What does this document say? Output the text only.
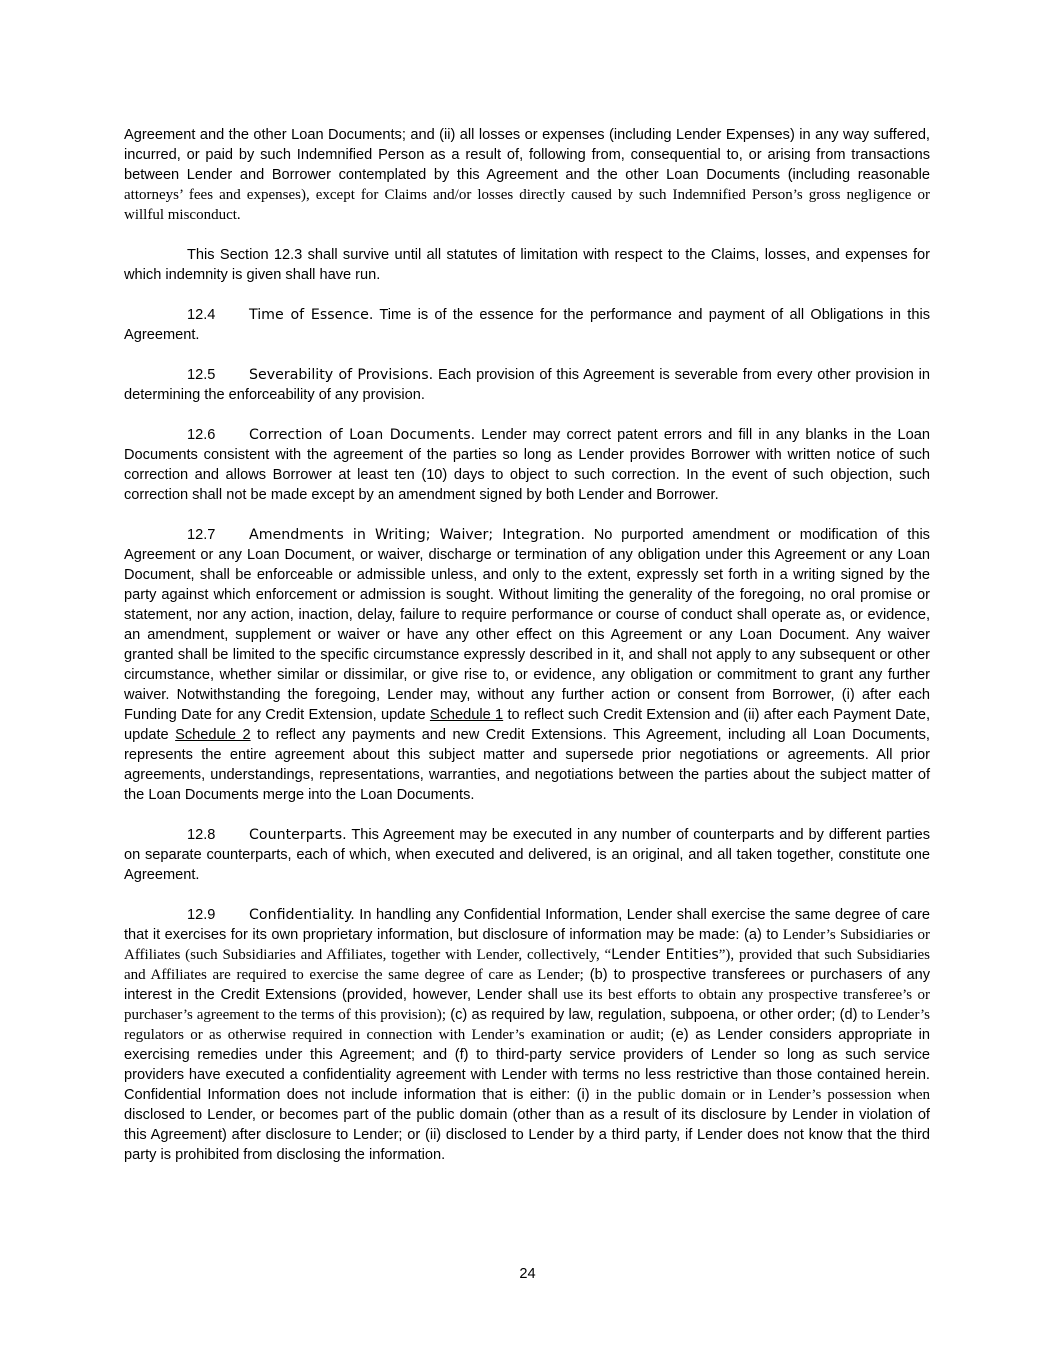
Agreement and the other Loan Documents; and (ii) all losses or expenses (including Lender Expenses) in any way suffered, incurred, or paid by such Indemnified Person as a result of, following from, consequential to, or arising from transactions between Lender and Borrower contemplated by this Agreement and the other Loan Documents (including reasonable attorneys’ fees and expenses), except for Claims and/or losses directly caused by such Indemnified Person’s gross negligence or willful misconduct.

This Section 12.3 shall survive until all statutes of limitation with respect to the Claims, losses, and expenses for which indemnity is given shall have run.

12.4 Time of Essence. Time is of the essence for the performance and payment of all Obligations in this Agreement.

12.5 Severability of Provisions. Each provision of this Agreement is severable from every other provision in determining the enforceability of any provision.

12.6 Correction of Loan Documents. Lender may correct patent errors and fill in any blanks in the Loan Documents consistent with the agreement of the parties so long as Lender provides Borrower with written notice of such correction and allows Borrower at least ten (10) days to object to such correction. In the event of such objection, such correction shall not be made except by an amendment signed by both Lender and Borrower.

12.7 Amendments in Writing; Waiver; Integration. No purported amendment or modification of this Agreement or any Loan Document, or waiver, discharge or termination of any obligation under this Agreement or any Loan Document, shall be enforceable or admissible unless, and only to the extent, expressly set forth in a writing signed by the party against which enforcement or admission is sought. Without limiting the generality of the foregoing, no oral promise or statement, nor any action, inaction, delay, failure to require performance or course of conduct shall operate as, or evidence, an amendment, supplement or waiver or have any other effect on this Agreement or any Loan Document. Any waiver granted shall be limited to the specific circumstance expressly described in it, and shall not apply to any subsequent or other circumstance, whether similar or dissimilar, or give rise to, or evidence, any obligation or commitment to grant any further waiver. Notwithstanding the foregoing, Lender may, without any further action or consent from Borrower, (i) after each Funding Date for any Credit Extension, update Schedule 1 to reflect such Credit Extension and (ii) after each Payment Date, update Schedule 2 to reflect any payments and new Credit Extensions. This Agreement, including all Loan Documents, represents the entire agreement about this subject matter and supersede prior negotiations or agreements. All prior agreements, understandings, representations, warranties, and negotiations between the parties about the subject matter of the Loan Documents merge into the Loan Documents.

12.8 Counterparts. This Agreement may be executed in any number of counterparts and by different parties on separate counterparts, each of which, when executed and delivered, is an original, and all taken together, constitute one Agreement.

12.9 Confidentiality. In handling any Confidential Information, Lender shall exercise the same degree of care that it exercises for its own proprietary information, but disclosure of information may be made: (a) to Lender’s Subsidiaries or Affiliates (such Subsidiaries and Affiliates, together with Lender, collectively, “Lender Entities”), provided that such Subsidiaries and Affiliates are required to exercise the same degree of care as Lender; (b) to prospective transferees or purchasers of any interest in the Credit Extensions (provided, however, Lender shall use its best efforts to obtain any prospective transferee’s or purchaser’s agreement to the terms of this provision); (c) as required by law, regulation, subpoena, or other order; (d) to Lender’s regulators or as otherwise required in connection with Lender’s examination or audit; (e) as Lender considers appropriate in exercising remedies under this Agreement; and (f) to third-party service providers of Lender so long as such service providers have executed a confidentiality agreement with Lender with terms no less restrictive than those contained herein. Confidential Information does not include information that is either: (i) in the public domain or in Lender’s possession when disclosed to Lender, or becomes part of the public domain (other than as a result of its disclosure by Lender in violation of this Agreement) after disclosure to Lender; or (ii) disclosed to Lender by a third party, if Lender does not know that the third party is prohibited from disclosing the information.

24
